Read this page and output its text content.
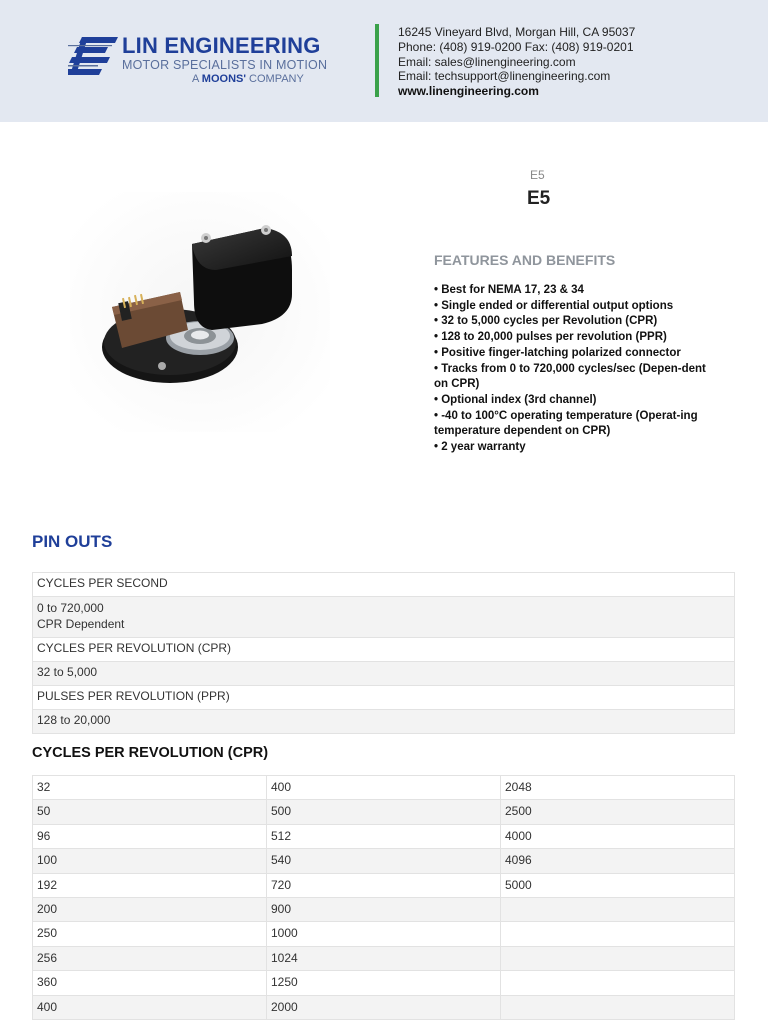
LIN ENGINEERING
MOTOR SPECIALISTS IN MOTION
A MOONS' COMPANY
16245 Vineyard Blvd, Morgan Hill, CA 95037
Phone: (408) 919-0200 Fax: (408) 919-0201
Email: sales@linengineering.com
Email: techsupport@linengineering.com
www.linengineering.com
E5
E5
FEATURES AND BENEFITS
• Best for NEMA 17, 23 & 34
• Single ended or differential output options
• 32 to 5,000 cycles per Revolution (CPR)
• 128 to 20,000 pulses per revolution (PPR)
• Positive finger-latching polarized connector
• Tracks from 0 to 720,000 cycles/sec (Depen-dent on CPR)
• Optional index (3rd channel)
• -40 to 100°C operating temperature (Operat-ing temperature dependent on CPR)
• 2 year warranty
PIN OUTS
CYCLES PER SECOND

0 to 720,000
CPR Dependent

CYCLES PER REVOLUTION (CPR)
32 to 5,000
PULSES PER REVOLUTION (PPR)
128 to 20,000
CYCLES PER REVOLUTION (CPR)
32	400	2048
50	500	2500
96	512	4000
100	540	4096
192	720	5000
200	900	
250	1000	
256	1024	
360	1250	
400	2000	
